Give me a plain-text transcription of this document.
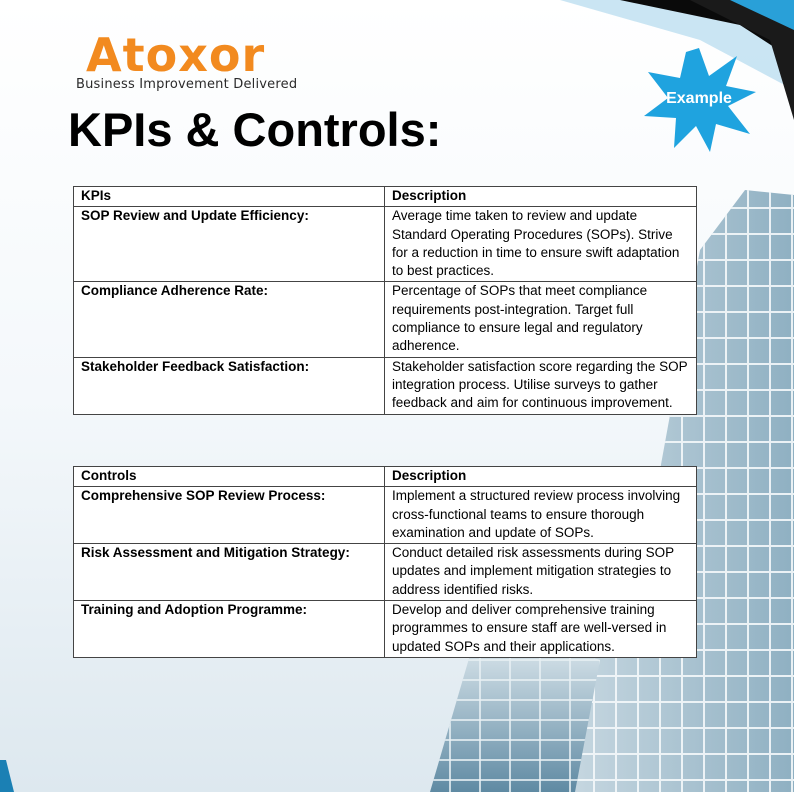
Atoxor
Business Improvement Delivered
KPIs & Controls:
Example
KPIs	Description
SOP Review and Update Efficiency:	Average time taken to review and update Standard Operating Procedures (SOPs). Strive for a reduction in time to ensure swift adaptation to best practices.
Compliance Adherence Rate:	Percentage of SOPs that meet compliance requirements post-integration. Target full compliance to ensure legal and regulatory adherence.
Stakeholder Feedback Satisfaction:	Stakeholder satisfaction score regarding the SOP integration process. Utilise surveys to gather feedback and aim for continuous improvement.
Controls	Description
Comprehensive SOP Review Process:	Implement a structured review process involving cross-functional teams to ensure thorough examination and update of SOPs.
Risk Assessment and Mitigation Strategy:	Conduct detailed risk assessments during SOP updates and implement mitigation strategies to address identified risks.
Training and Adoption Programme:	Develop and deliver comprehensive training programmes to ensure staff are well-versed in updated SOPs and their applications.
